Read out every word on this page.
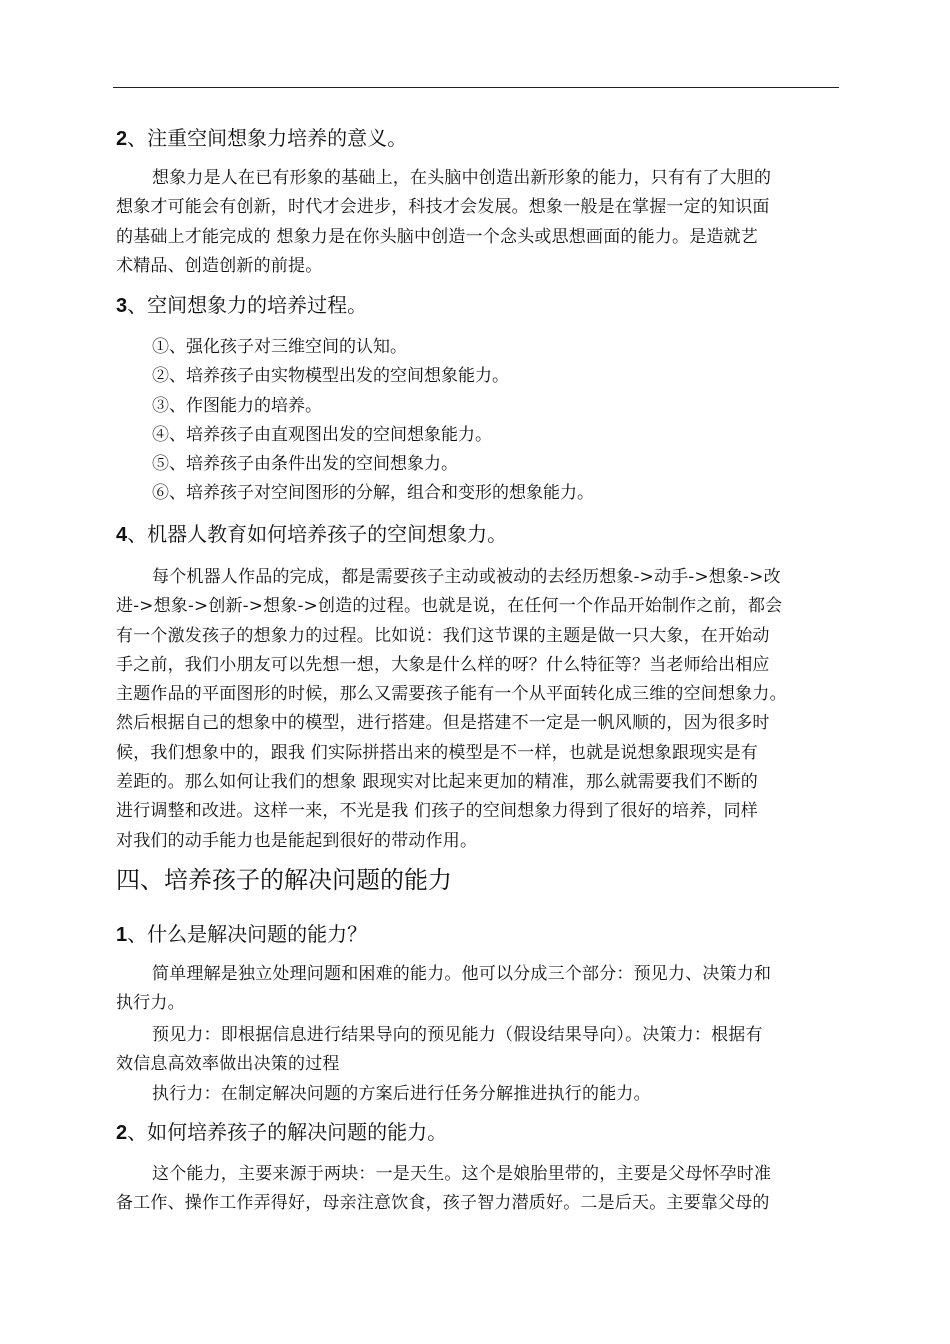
2、注重空间想象力培养的意义。
想象力是人在已有形象的基础上，在头脑中创造出新形象的能力，只有有了大胆的
想象才可能会有创新，时代才会进步，科技才会发展。想象一般是在掌握一定的知识面
的基础上才能完成的 想象力是在你头脑中创造一个念头或思想画面的能力。是造就艺
术精品、创造创新的前提。
3、空间想象力的培养过程。
①、强化孩子对三维空间的认知。
②、培养孩子由实物模型出发的空间想象能力。
③、作图能力的培养。
④、培养孩子由直观图出发的空间想象能力。
⑤、培养孩子由条件出发的空间想象力。
⑥、培养孩子对空间图形的分解，组合和变形的想象能力。
4、机器人教育如何培养孩子的空间想象力。
每个机器人作品的完成，都是需要孩子主动或被动的去经历想象->动手->想象->改
进->想象->创新->想象->创造的过程。也就是说，在任何一个作品开始制作之前，都会
有一个激发孩子的想象力的过程。比如说：我们这节课的主题是做一只大象，在开始动
手之前，我们小朋友可以先想一想，大象是什么样的呀？什么特征等？当老师给出相应
主题作品的平面图形的时候，那么又需要孩子能有一个从平面转化成三维的空间想象力。
然后根据自己的想象中的模型，进行搭建。但是搭建不一定是一帆风顺的，因为很多时
候，我们想象中的，跟我 们实际拼搭出来的模型是不一样，也就是说想象跟现实是有
差距的。那么如何让我们的想象 跟现实对比起来更加的精准，那么就需要我们不断的
进行调整和改进。这样一来，不光是我 们孩子的空间想象力得到了很好的培养，同样
对我们的动手能力也是能起到很好的带动作用。
四、培养孩子的解决问题的能力
1、什么是解决问题的能力？
简单理解是独立处理问题和困难的能力。他可以分成三个部分：预见力、决策力和
执行力。
预见力：即根据信息进行结果导向的预见能力（假设结果导向）。决策力：根据有
效信息高效率做出决策的过程
执行力：在制定解决问题的方案后进行任务分解推进执行的能力。
2、如何培养孩子的解决问题的能力。
这个能力，主要来源于两块：一是天生。这个是娘胎里带的，主要是父母怀孕时准
备工作、操作工作弄得好，母亲注意饮食，孩子智力潜质好。二是后天。主要靠父母的
